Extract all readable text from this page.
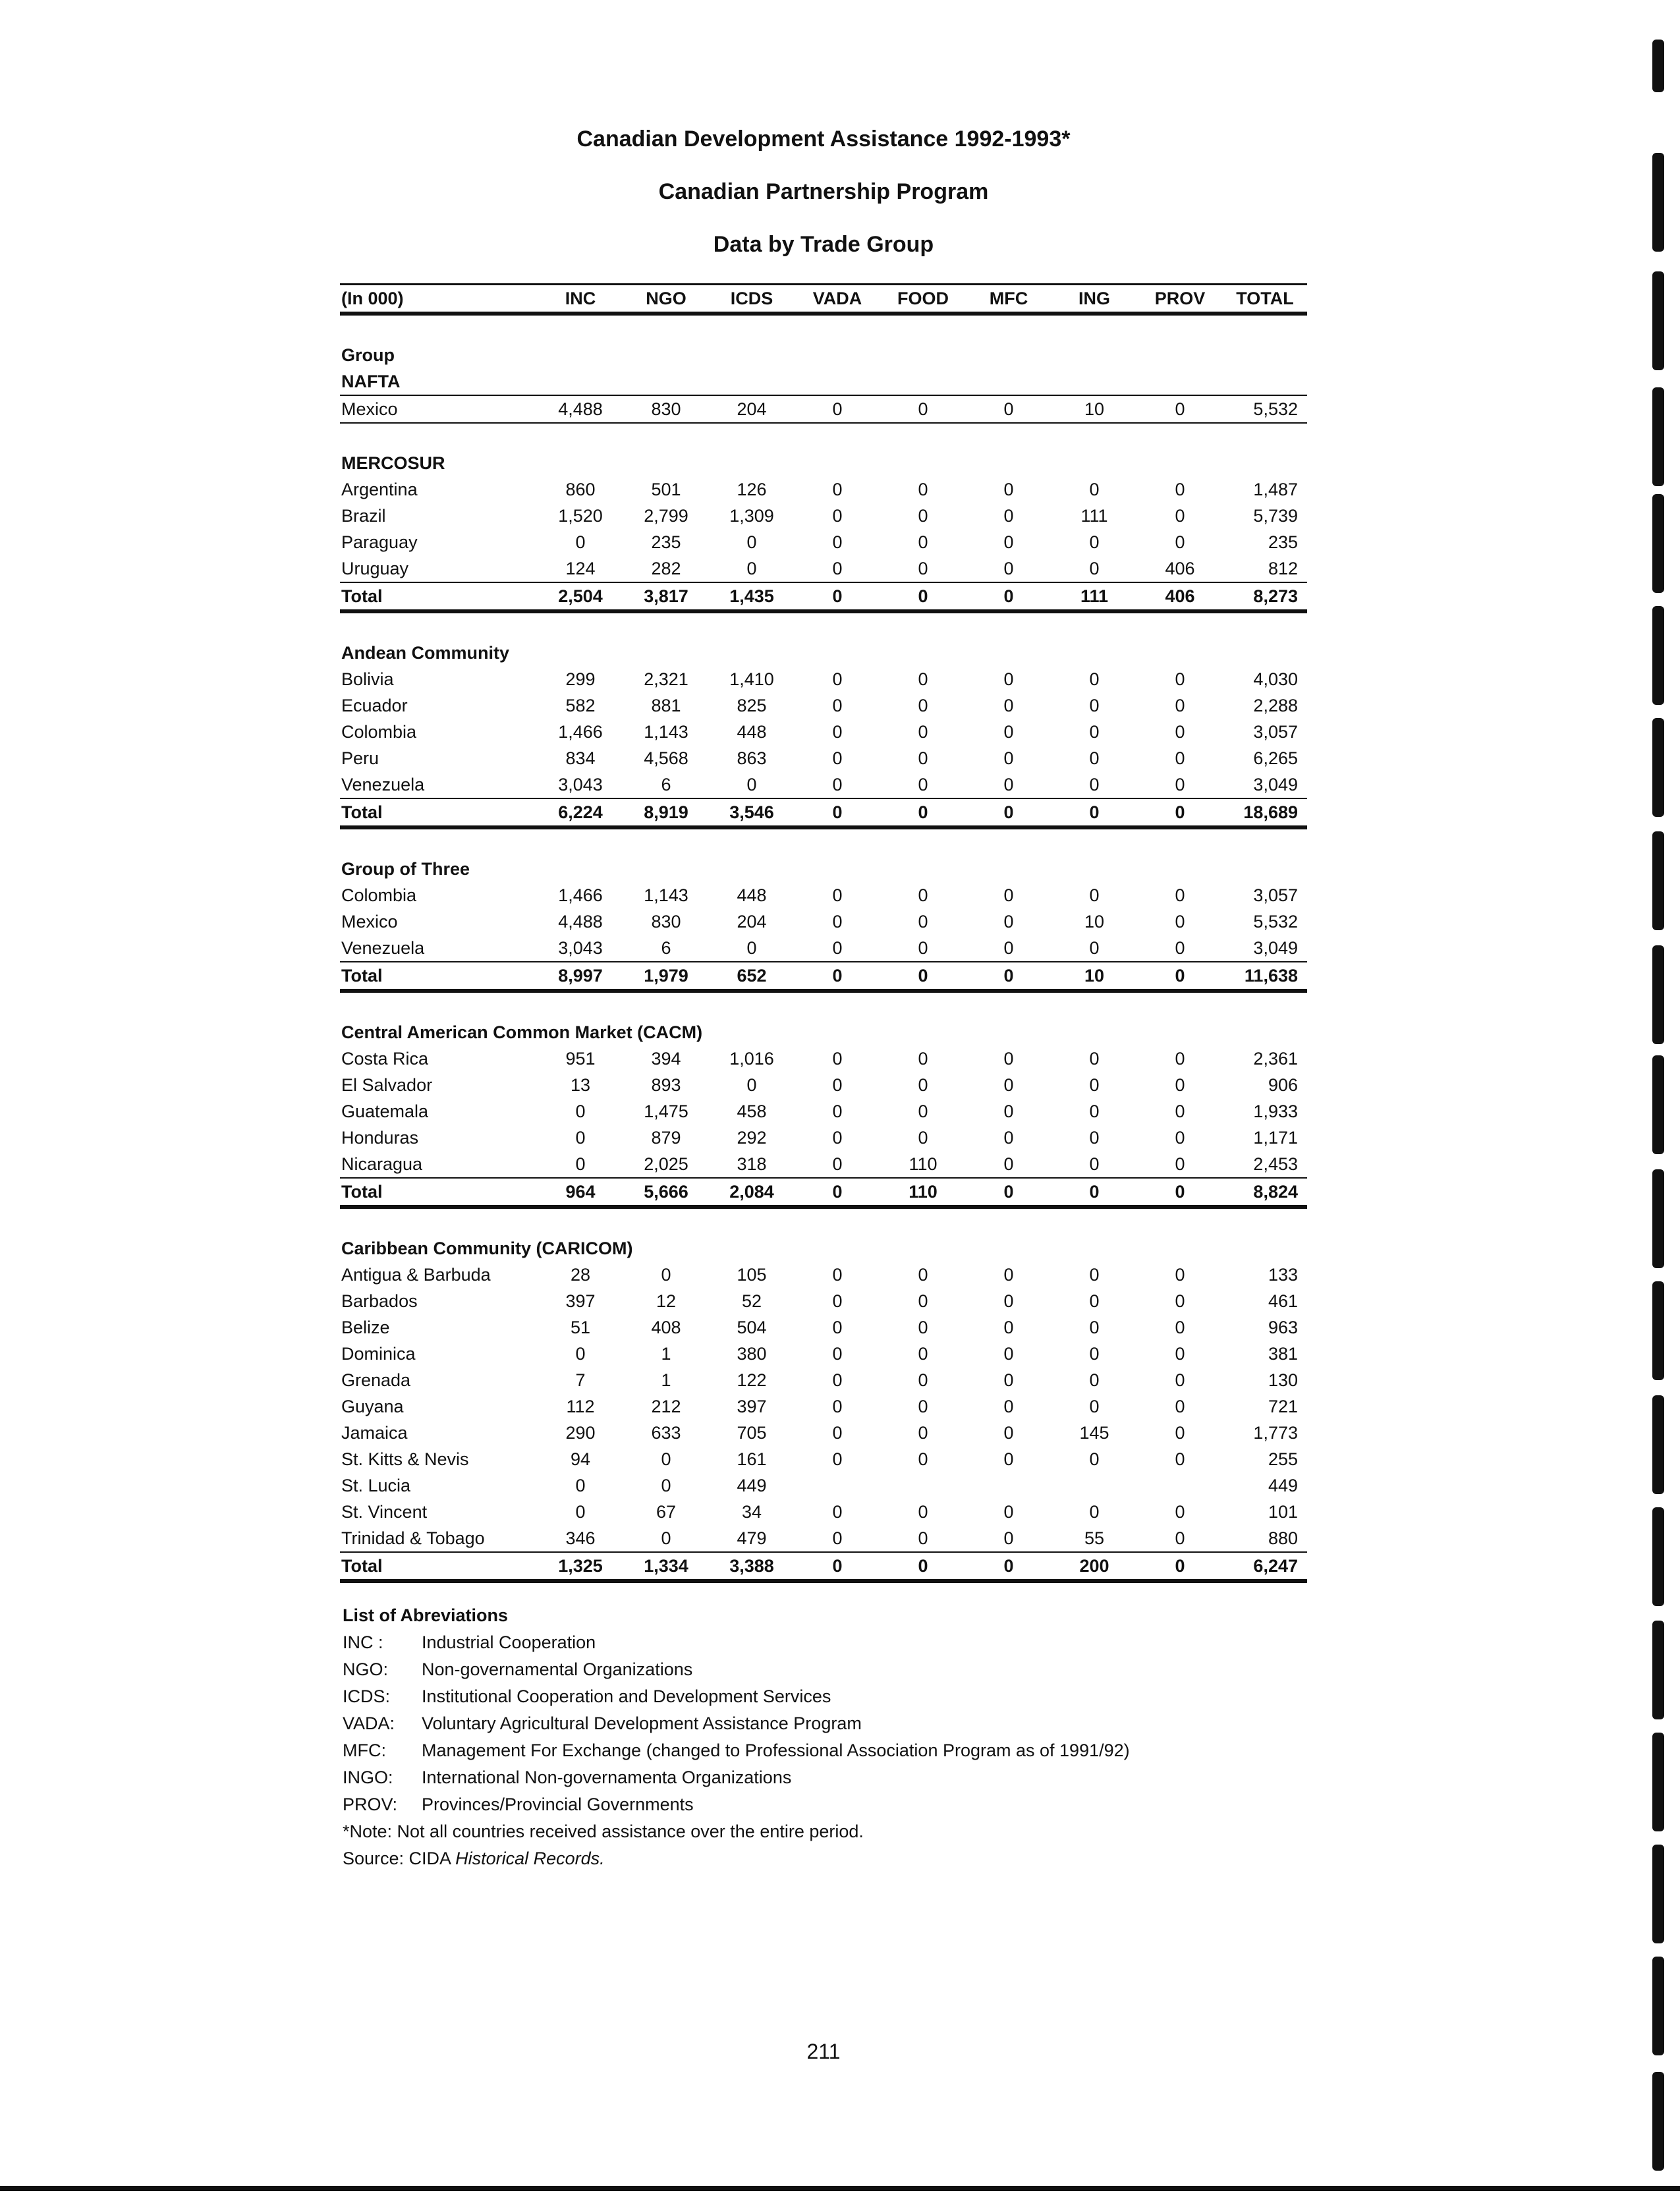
Canadian Development Assistance 1992-1993*
Canadian Partnership Program
Data by Trade Group
(In 000)	INC	NGO	ICDS	VADA	FOOD	MFC	ING	PROV	TOTAL

Group									
NAFTA									
Mexico	4,488	830	204	0	0	0	10	0	5,532

MERCOSUR									
Argentina	860	501	126	0	0	0	0	0	1,487
Brazil	1,520	2,799	1,309	0	0	0	111	0	5,739
Paraguay	0	235	0	0	0	0	0	0	235
Uruguay	124	282	0	0	0	0	0	406	812
Total	2,504	3,817	1,435	0	0	0	111	406	8,273

Andean Community									
Bolivia	299	2,321	1,410	0	0	0	0	0	4,030
Ecuador	582	881	825	0	0	0	0	0	2,288
Colombia	1,466	1,143	448	0	0	0	0	0	3,057
Peru	834	4,568	863	0	0	0	0	0	6,265
Venezuela	3,043	6	0	0	0	0	0	0	3,049
Total	6,224	8,919	3,546	0	0	0	0	0	18,689

Group of Three									
Colombia	1,466	1,143	448	0	0	0	0	0	3,057
Mexico	4,488	830	204	0	0	0	10	0	5,532
Venezuela	3,043	6	0	0	0	0	0	0	3,049
Total	8,997	1,979	652	0	0	0	10	0	11,638

Central American Common Market (CACM)									
Costa Rica	951	394	1,016	0	0	0	0	0	2,361
El Salvador	13	893	0	0	0	0	0	0	906
Guatemala	0	1,475	458	0	0	0	0	0	1,933
Honduras	0	879	292	0	0	0	0	0	1,171
Nicaragua	0	2,025	318	0	110	0	0	0	2,453
Total	964	5,666	2,084	0	110	0	0	0	8,824

Caribbean Community (CARICOM)									
Antigua & Barbuda	28	0	105	0	0	0	0	0	133
Barbados	397	12	52	0	0	0	0	0	461
Belize	51	408	504	0	0	0	0	0	963
Dominica	0	1	380	0	0	0	0	0	381
Grenada	7	1	122	0	0	0	0	0	130
Guyana	112	212	397	0	0	0	0	0	721
Jamaica	290	633	705	0	0	0	145	0	1,773
St. Kitts & Nevis	94	0	161	0	0	0	0	0	255
St. Lucia	0	0	449						449
St. Vincent	0	67	34	0	0	0	0	0	101
Trinidad & Tobago	346	0	479	0	0	0	55	0	880
Total	1,325	1,334	3,388	0	0	0	200	0	6,247
List of Abreviations
INC :	Industrial Cooperation
NGO:	Non-governamental Organizations
ICDS:	Institutional Cooperation and Development Services
VADA:	Voluntary Agricultural Development Assistance Program
MFC:	Management For Exchange (changed to Professional Association Program as of 1991/92)
INGO:	International Non-governamenta Organizations
PROV:	Provinces/Provincial Governments
*Note: Not all countries received assistance over the entire period.
Source: CIDA Historical Records.
211
